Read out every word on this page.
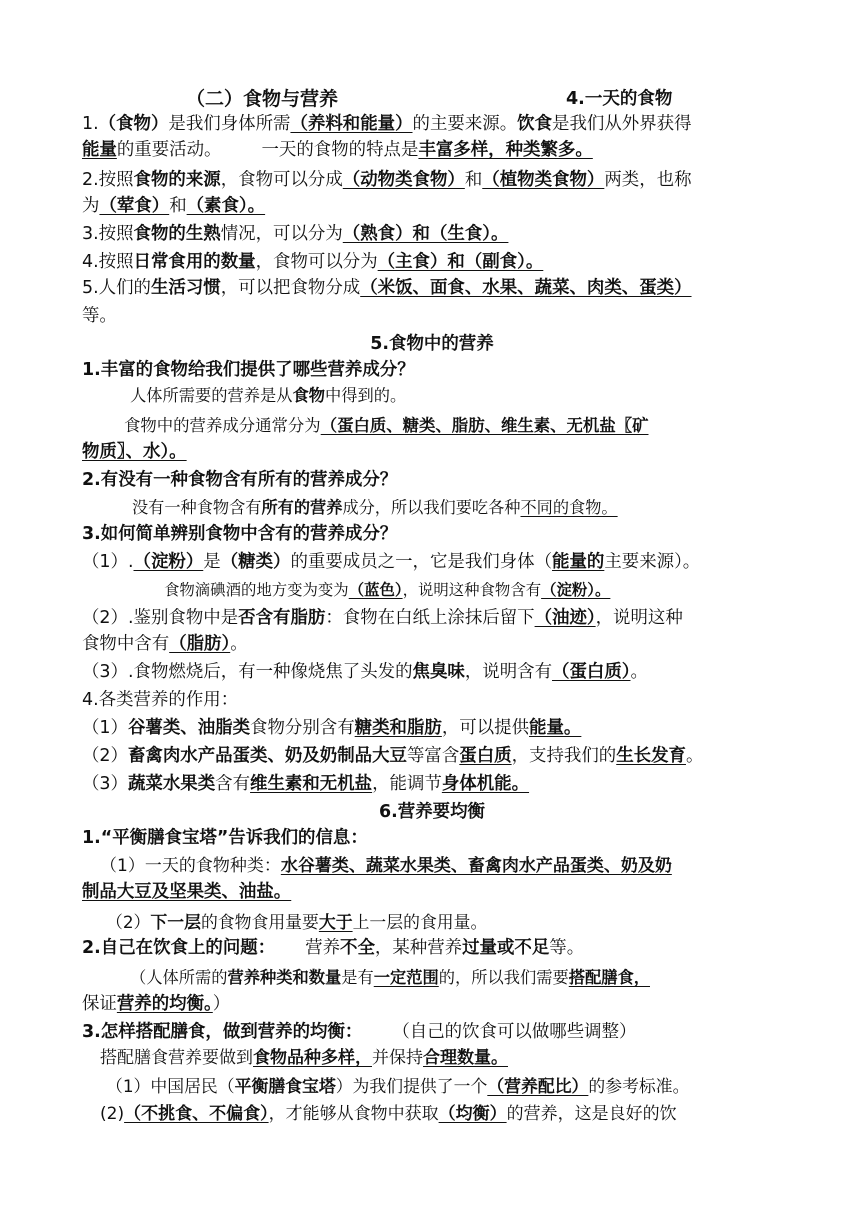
（二）食物与营养	4.一天的食物
1.（食物）是我们身体所需（养料和能量）的主要来源。饮食是我们从外界获得
能量的重要活动。 一天的食物的特点是丰富多样，种类繁多。
2.按照食物的来源，食物可以分成（动物类食物）和（植物类食物）两类，也称
为（荤食）和（素食）。
3.按照食物的生熟情况，可以分为（熟食）和（生食）。
4.按照日常食用的数量，食物可以分为（主食）和（副食）。
5.人们的生活习惯，可以把食物分成（米饭、面食、水果、蔬菜、肉类、蛋类）
等。
5.食物中的营养
1.丰富的食物给我们提供了哪些营养成分？
人体所需要的营养是从食物中得到的。
食物中的营养成分通常分为（蛋白质、糖类、脂肪、维生素、无机盐〖矿
物质〗、水）。
2.有没有一种食物含有所有的营养成分？
没有一种食物含有所有的营养成分，所以我们要吃各种不同的食物。
3.如何简单辨别食物中含有的营养成分？
（1）.（淀粉）是（糖类）的重要成员之一，它是我们身体（能量的主要来源）。
食物滴碘酒的地方变为变为（蓝色），说明这种食物含有（淀粉）。
（2）.鉴别食物中是否含有脂肪：食物在白纸上涂抹后留下（油迹），说明这种
食物中含有（脂肪）。
（3）.食物燃烧后，有一种像烧焦了头发的焦臭味，说明含有（蛋白质）。
4.各类营养的作用：
（1）谷薯类、油脂类食物分别含有糖类和脂肪，可以提供能量。
（2）畜禽肉水产品蛋类、奶及奶制品大豆等富含蛋白质，支持我们的生长发育。
（3）蔬菜水果类含有维生素和无机盐，能调节身体机能。
6.营养要均衡
1.“平衡膳食宝塔”告诉我们的信息：
（1）一天的食物种类：水谷薯类、蔬菜水果类、畜禽肉水产品蛋类、奶及奶
制品大豆及坚果类、油盐。
（2）下一层的食物食用量要大于上一层的食用量。
2.自己在饮食上的问题： 营养不全，某种营养过量或不足等。
（人体所需的营养种类和数量是有一定范围的，所以我们需要搭配膳食，
保证营养的均衡。）
3.怎样搭配膳食，做到营养的均衡： （自己的饮食可以做哪些调整）
搭配膳食营养要做到食物品种多样，并保持合理数量。
（1）中国居民（平衡膳食宝塔）为我们提供了一个（营养配比）的参考标准。
(2)（不挑食、不偏食），才能够从食物中获取（均衡）的营养，这是良好的饮
